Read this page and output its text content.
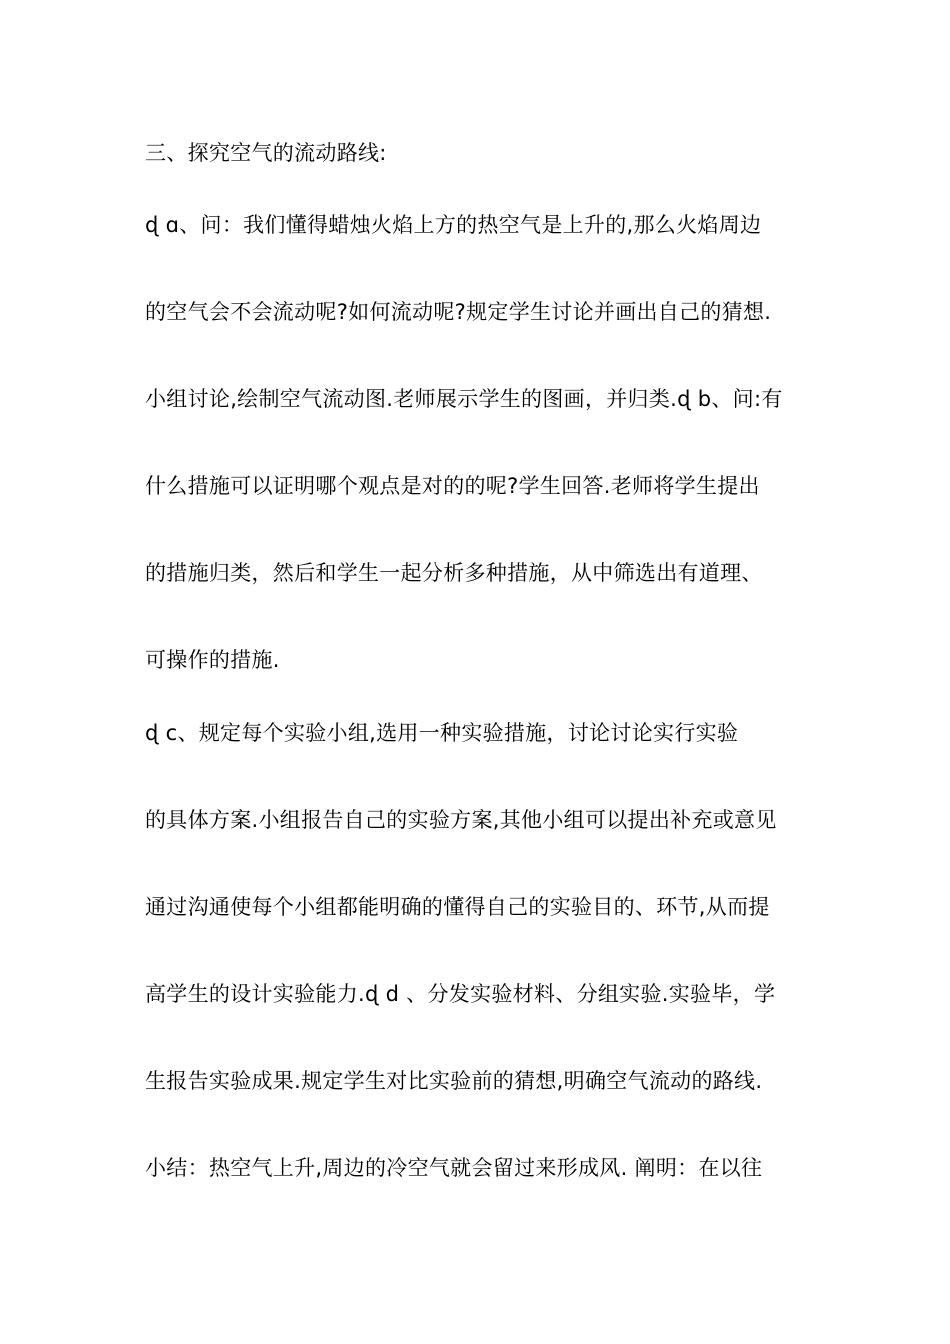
三、探究空气的流动路线:
ɖ ɑ、问：我们懂得蜡烛火焰上方的热空气是上升的,那么火焰周边
的空气会不会流动呢?如何流动呢?规定学生讨论并画出自己的猜想.
小组讨论,绘制空气流动图.老师展示学生的图画，并归类.ɖ b、问:有
什么措施可以证明哪个观点是对的的呢?学生回答.老师将学生提出
的措施归类，然后和学生一起分析多种措施，从中筛选出有道理、
可操作的措施.
ɖ c、规定每个实验小组,选用一种实验措施，讨论讨论实行实验
的具体方案.小组报告自己的实验方案,其他小组可以提出补充或意见
通过沟通使每个小组都能明确的懂得自己的实验目的、环节,从而提
高学生的设计实验能力.ɖ d 、分发实验材料、分组实验.实验毕，学
生报告实验成果.规定学生对比实验前的猜想,明确空气流动的路线.
小结：热空气上升,周边的冷空气就会留过来形成风. 阐明：在以往
